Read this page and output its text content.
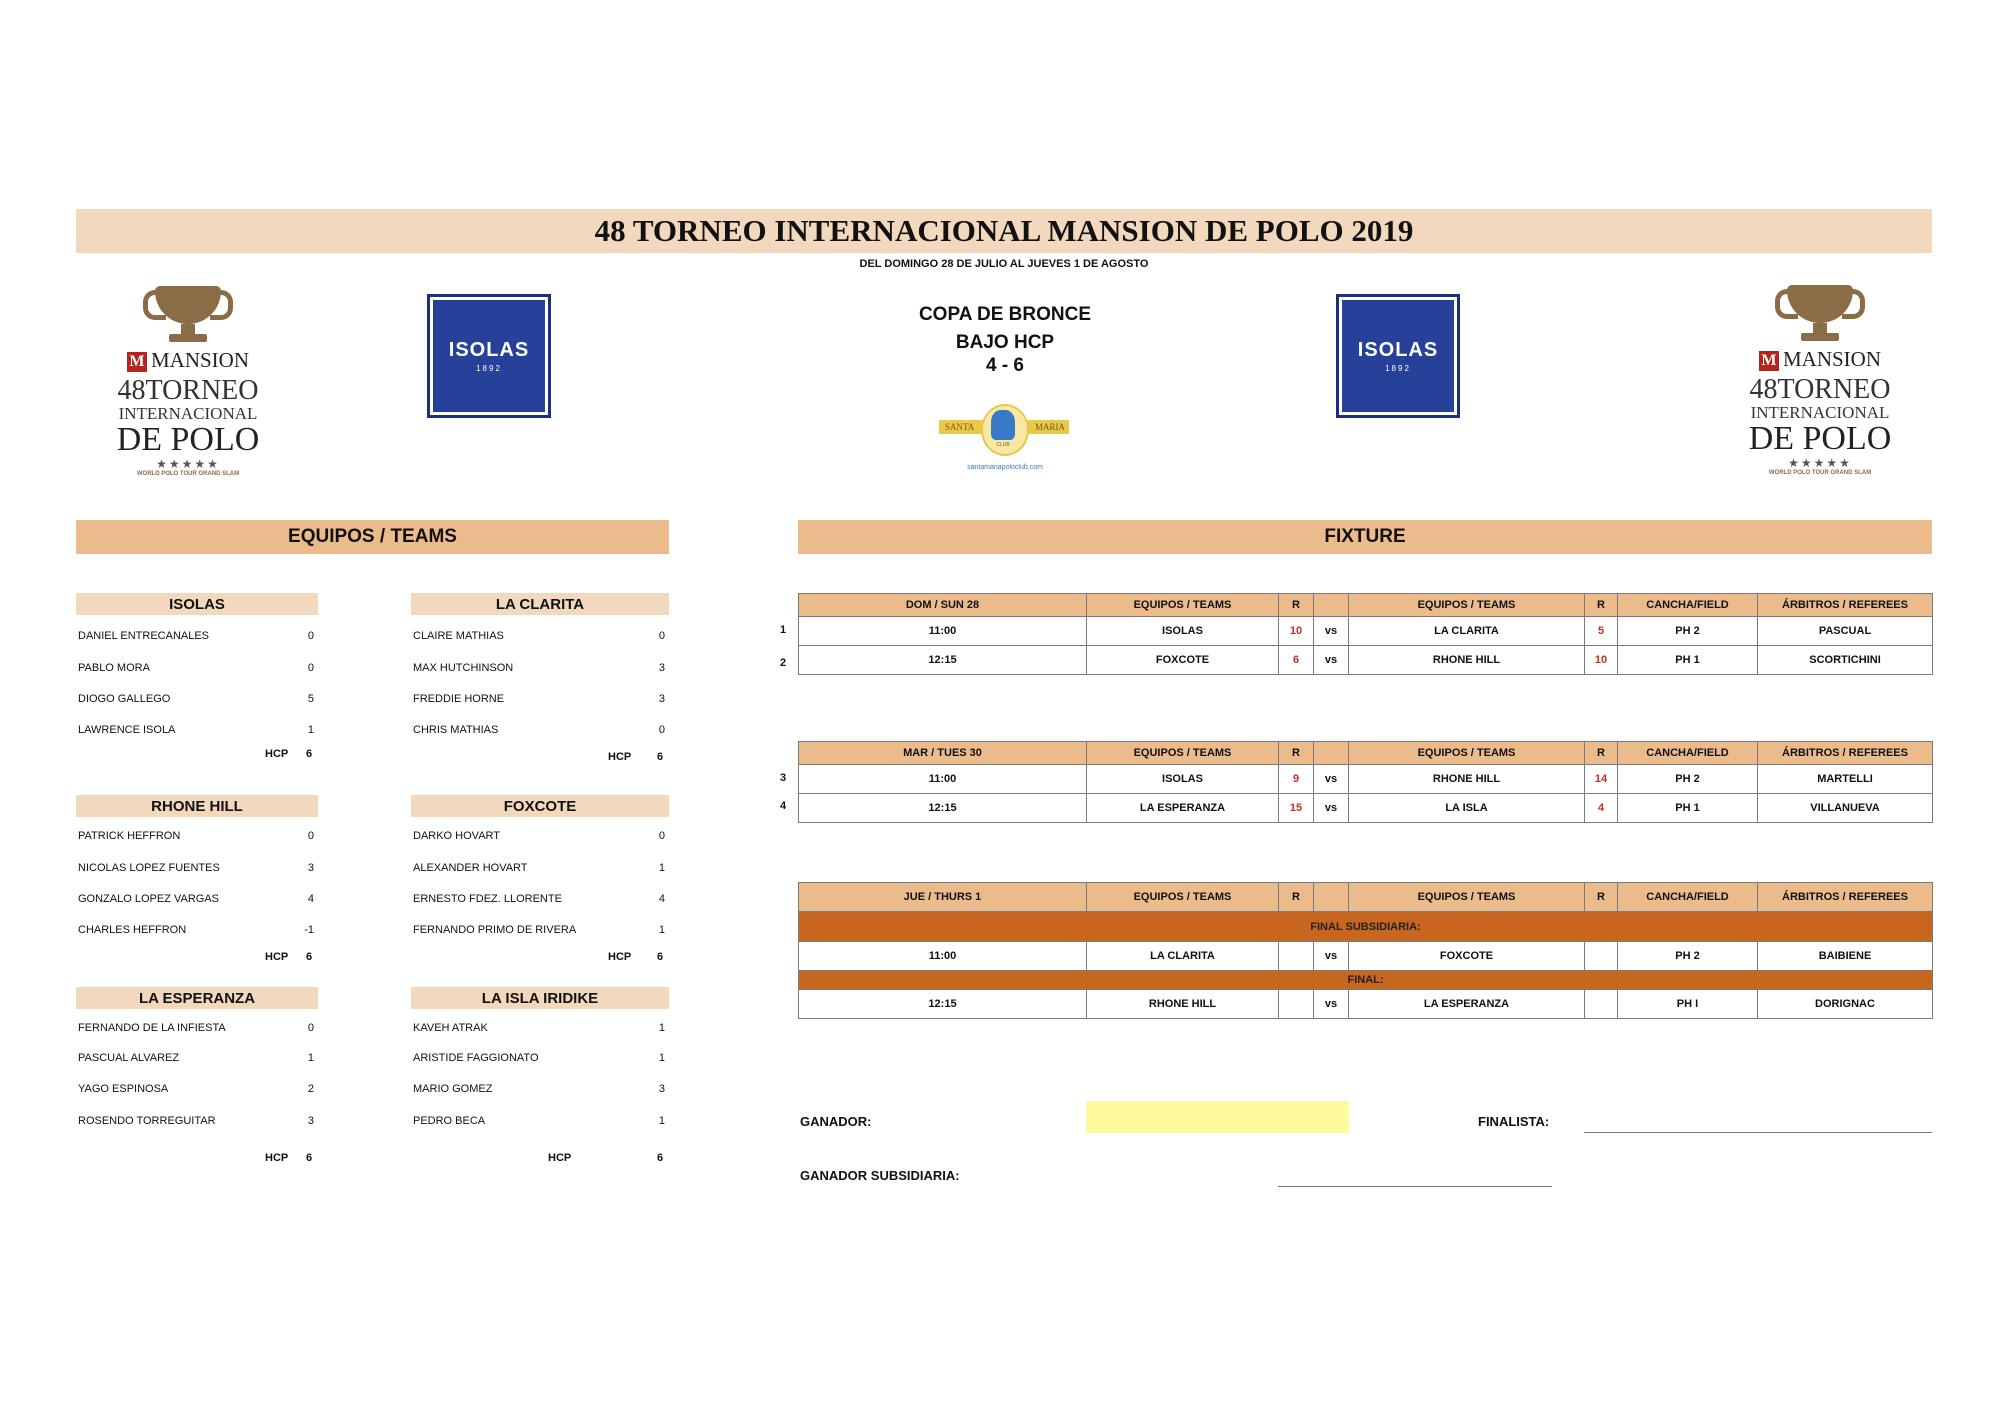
48 TORNEO INTERNACIONAL MANSION DE POLO 2019
DEL DOMINGO 28 DE JULIO AL JUEVES 1 DE AGOSTO
M MANSION
48TORNEO
INTERNACIONAL
DE POLO
★★★★★
WORLD POLO TOUR GRAND SLAM
ISOLAS
1892
COPA DE BRONCE
BAJO HCP
4 - 6
SANTA	MARIA
CLUB
santamariapoloclub.com
ISOLAS
1892	M MANSION
48TORNEO
INTERNACIONAL
DE POLO
★★★★★
WORLD POLO TOUR GRAND SLAM
EQUIPOS / TEAMS	FIXTURE
ISOLAS
DANIEL ENTRECANALES	0
PABLO MORA	0
DIOGO GALLEGO	5
LAWRENCE ISOLA	1
HCP 6
LA CLARITA
CLAIRE MATHIAS	0
MAX HUTCHINSON	3
FREDDIE HORNE	3
CHRIS MATHIAS	0
HCP 6
RHONE HILL
PATRICK HEFFRON	0
NICOLAS LOPEZ FUENTES	3
GONZALO LOPEZ VARGAS	4
CHARLES HEFFRON	-1
HCP 6
FOXCOTE
DARKO HOVART	0
ALEXANDER HOVART	1
ERNESTO FDEZ. LLORENTE	4
FERNANDO PRIMO DE RIVERA	1
HCP 6
LA ESPERANZA
FERNANDO DE LA INFIESTA	0
PASCUAL ALVAREZ	1
YAGO ESPINOSA	2
ROSENDO TORREGUITAR	3
HCP 6
LA ISLA IRIDIKE
KAVEH ATRAK	1
ARISTIDE FAGGIONATO	1
MARIO GOMEZ	3
PEDRO BECA	1
HCP	6
1
2
DOM / SUN 28	EQUIPOS / TEAMS	R		EQUIPOS / TEAMS	R	CANCHA/FIELD	ÁRBITROS / REFEREES
11:00	ISOLAS	10	vs	LA CLARITA	5	PH 2	PASCUAL
12:15	FOXCOTE	6	vs	RHONE HILL	10	PH 1	SCORTICHINI
3
4
MAR / TUES 30	EQUIPOS / TEAMS	R		EQUIPOS / TEAMS	R	CANCHA/FIELD	ÁRBITROS / REFEREES
11:00	ISOLAS	9	vs	RHONE HILL	14	PH 2	MARTELLI
12:15	LA ESPERANZA	15	vs	LA ISLA	4	PH 1	VILLANUEVA
JUE / THURS 1	EQUIPOS / TEAMS	R		EQUIPOS / TEAMS	R	CANCHA/FIELD	ÁRBITROS / REFEREES
FINAL SUBSIDIARIA:							
11:00	LA CLARITA		vs	FOXCOTE		PH 2	BAIBIENE
FINAL:							
12:15	RHONE HILL		vs	LA ESPERANZA		PH I	DORIGNAC
GANADOR:	FINALISTA:
GANADOR SUBSIDIARIA:
